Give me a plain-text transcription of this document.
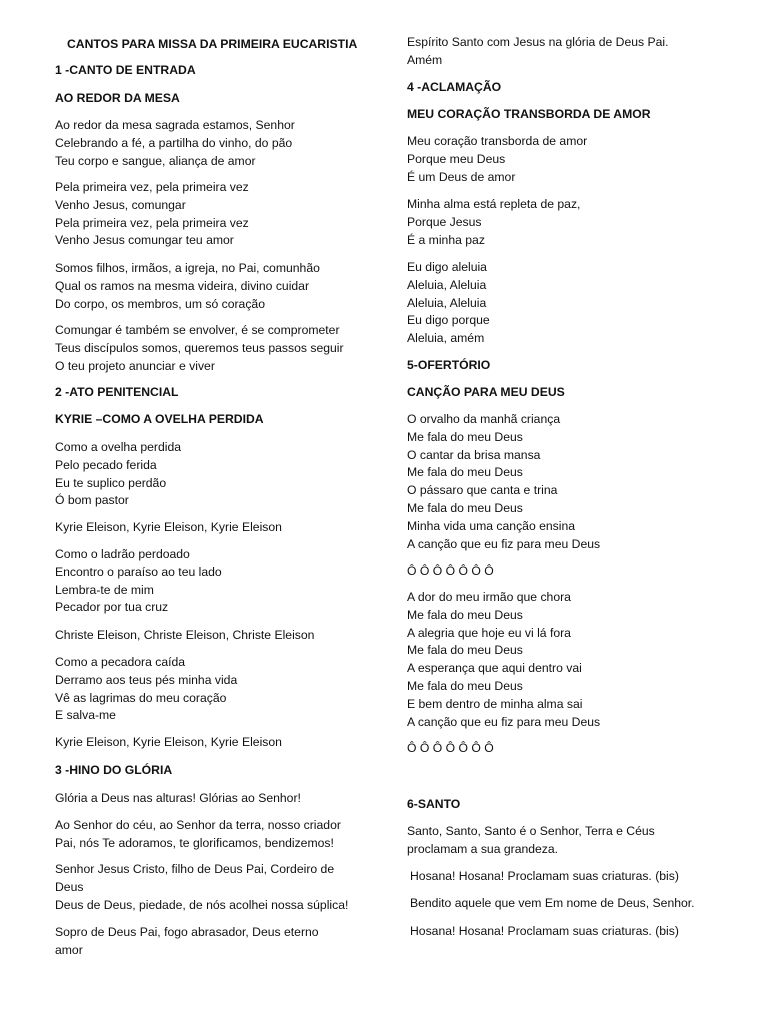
CANTOS PARA MISSA DA PRIMEIRA EUCARISTIA
1 -CANTO DE ENTRADA
AO REDOR DA MESA
Ao redor da mesa sagrada estamos, Senhor
Celebrando a fé, a partilha do vinho, do pão
Teu corpo e sangue, aliança de amor
Pela primeira vez, pela primeira vez
Venho Jesus, comungar
Pela primeira vez, pela primeira vez
Venho Jesus comungar teu amor
Somos filhos, irmãos, a igreja, no Pai, comunhão
Qual os ramos na mesma videira, divino cuidar
Do corpo, os membros, um só coração
Comungar é também se envolver, é se comprometer
Teus discípulos somos, queremos teus passos seguir
O teu projeto anunciar e viver
2 -ATO PENITENCIAL
KYRIE –COMO A OVELHA PERDIDA
Como a ovelha perdida
Pelo pecado ferida
Eu te suplico perdão
Ó bom pastor
Kyrie Eleison, Kyrie Eleison, Kyrie Eleison
Como o ladrão perdoado
Encontro o paraíso ao teu lado
Lembra-te de mim
Pecador por tua cruz
Christe Eleison, Christe Eleison, Christe Eleison
Como a pecadora caída
Derramo aos teus pés minha vida
Vê as lagrimas do meu coração
E salva-me
Kyrie Eleison, Kyrie Eleison, Kyrie Eleison
3 -HINO DO GLÓRIA
Glória a Deus nas alturas! Glórias ao Senhor!
Ao Senhor do céu, ao Senhor da terra, nosso criador
Pai, nós Te adoramos, te glorificamos, bendizemos!
Senhor Jesus Cristo, filho de Deus Pai, Cordeiro de
Deus
Deus de Deus, piedade, de nós acolhei nossa súplica!
Sopro de Deus Pai, fogo abrasador, Deus eterno
amor
Espírito Santo com Jesus na glória de Deus Pai.
Amém
4 -ACLAMAÇÃO
MEU CORAÇÃO TRANSBORDA DE AMOR
Meu coração transborda de amor
Porque meu Deus
É um Deus de amor
Minha alma está repleta de paz,
Porque Jesus
É a minha paz
Eu digo aleluia
Aleluia, Aleluia
Aleluia, Aleluia
Eu digo porque
Aleluia, amém
5-OFERTÓRIO
CANÇÃO PARA MEU DEUS
O orvalho da manhã criança
Me fala do meu Deus
O cantar da brisa mansa
Me fala do meu Deus
O pássaro que canta e trina
Me fala do meu Deus
Minha vida uma canção ensina
A canção que eu fiz para meu Deus
Ô Ô Ô Ô Ô Ô Ô
A dor do meu irmão que chora
Me fala do meu Deus
A alegria que hoje eu vi lá fora
Me fala do meu Deus
A esperança que aqui dentro vai
Me fala do meu Deus
E bem dentro de minha alma sai
A canção que eu fiz para meu Deus
Ô Ô Ô Ô Ô Ô Ô
6-SANTO
Santo, Santo, Santo é o Senhor, Terra e Céus
proclamam a sua grandeza.
Hosana! Hosana! Proclamam suas criaturas. (bis)
Bendito aquele que vem Em nome de Deus, Senhor.
Hosana! Hosana! Proclamam suas criaturas. (bis)
